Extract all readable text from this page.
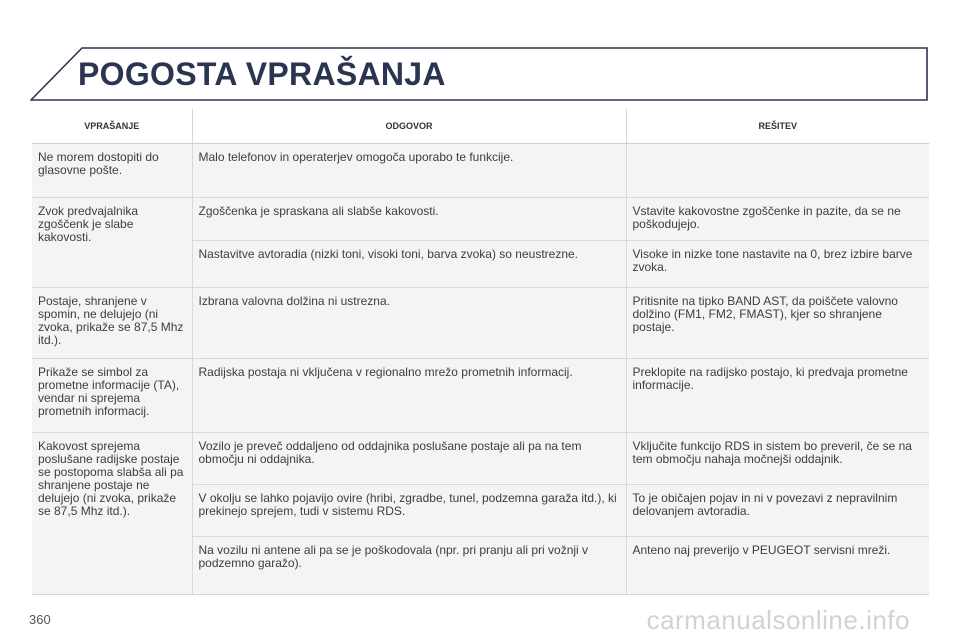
POGOSTA VPRAŠANJA
VPRAŠANJE	ODGOVOR	REŠITEV
Ne morem dostopiti do glasovne pošte.	Malo telefonov in operaterjev omogoča uporabo te funkcije.	
Zvok predvajalnika zgoščenk je slabe kakovosti.	Zgoščenka je spraskana ali slabše kakovosti.	Vstavite kakovostne zgoščenke in pazite, da se ne poškodujejo.
	Nastavitve avtoradia (nizki toni, visoki toni, barva zvoka) so neustrezne.	Visoke in nizke tone nastavite na 0, brez izbire barve zvoka.
Postaje, shranjene v spomin, ne delujejo (ni zvoka, prikaže se 87,5 Mhz itd.).	Izbrana valovna dolžina ni ustrezna.	Pritisnite na tipko BAND AST, da poiščete valovno dolžino (FM1, FM2, FMAST), kjer so shranjene postaje.
Prikaže se simbol za prometne informacije (TA), vendar ni sprejema prometnih informacij.	Radijska postaja ni vključena v regionalno mrežo prometnih informacij.	Preklopite na radijsko postajo, ki predvaja prometne informacije.
Kakovost sprejema poslušane radijske postaje se postopoma slabša ali pa shranjene postaje ne delujejo (ni zvoka, prikaže se 87,5 Mhz itd.).	Vozilo je preveč oddaljeno od oddajnika poslušane postaje ali pa na tem območju ni oddajnika.	Vključite funkcijo RDS in sistem bo preveril, če se na tem območju nahaja močnejši oddajnik.
	V okolju se lahko pojavijo ovire (hribi, zgradbe, tunel, podzemna garaža itd.), ki prekinejo sprejem, tudi v sistemu RDS.	To je običajen pojav in ni v povezavi z nepravilnim delovanjem avtoradia.
	Na vozilu ni antene ali pa se je poškodovala (npr. pri pranju ali pri vožnji v podzemno garažo).	Anteno naj preverijo v PEUGEOT servisni mreži.
360	carmanualsonline.info
